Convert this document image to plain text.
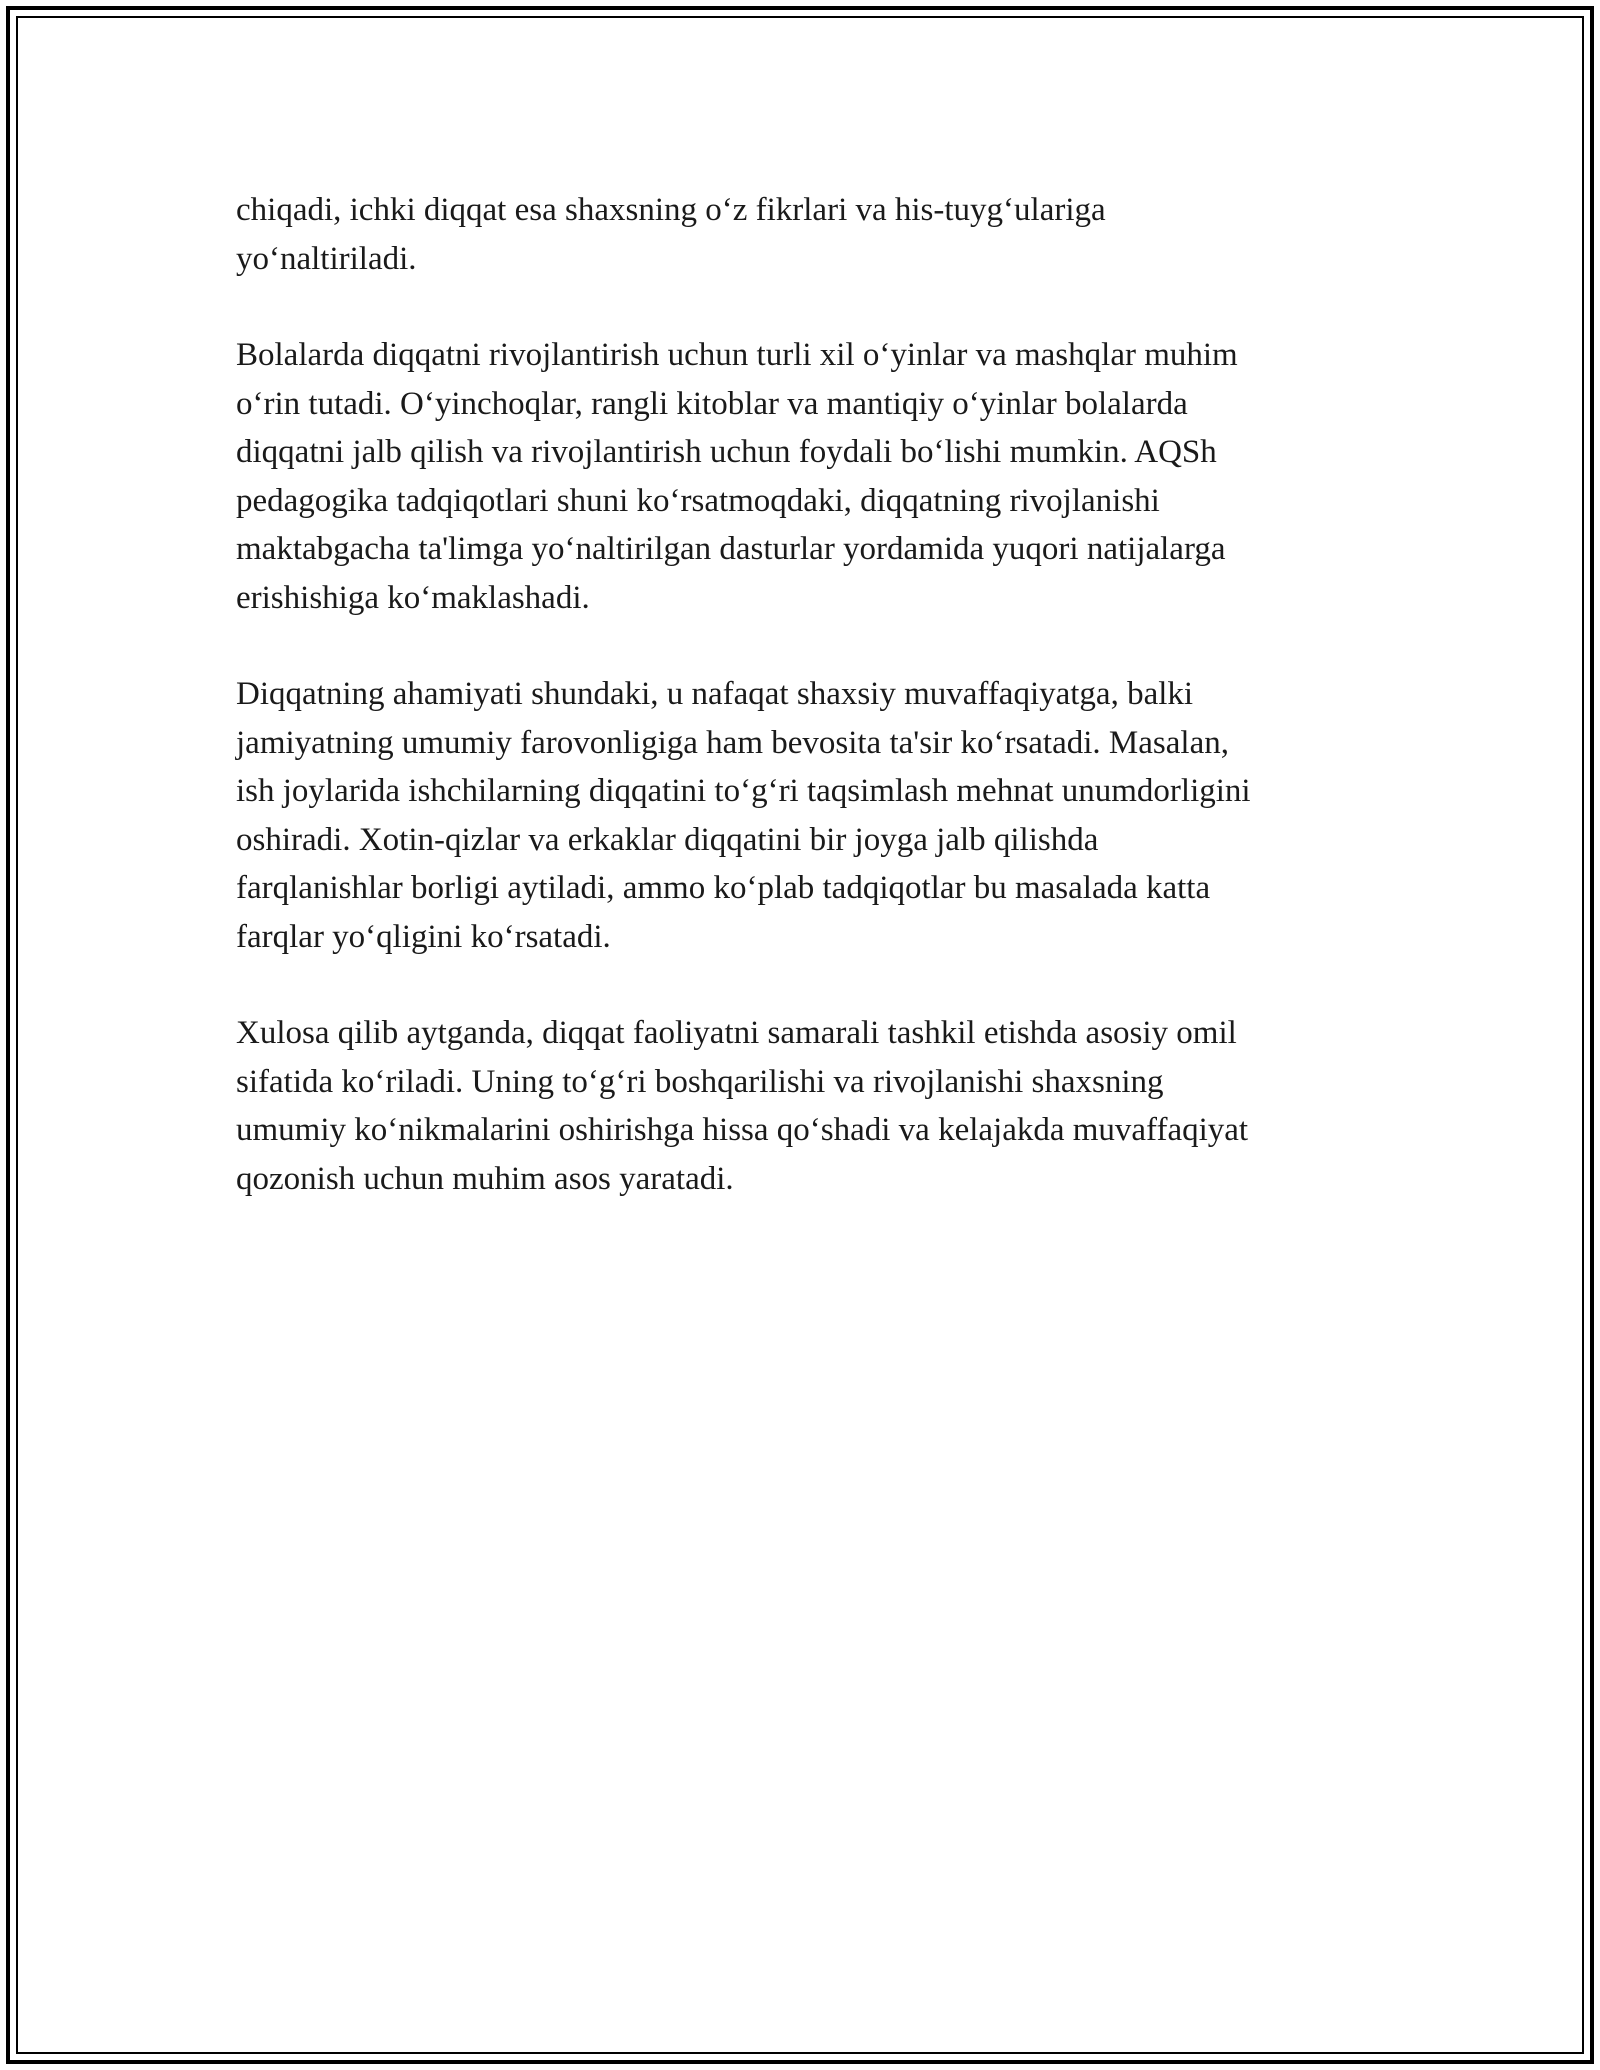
chiqadi, ichki diqqat esa shaxsning o‘z fikrlari va his-tuyg‘ulariga
yo‘naltiriladi.

Bolalarda diqqatni rivojlantirish uchun turli xil o‘yinlar va mashqlar muhim
o‘rin tutadi. O‘yinchoqlar, rangli kitoblar va mantiqiy o‘yinlar bolalarda
diqqatni jalb qilish va rivojlantirish uchun foydali bo‘lishi mumkin. AQSh
pedagogika tadqiqotlari shuni ko‘rsatmoqdaki, diqqatning rivojlanishi
maktabgacha ta'limga yo‘naltirilgan dasturlar yordamida yuqori natijalarga
erishishiga ko‘maklashadi.

Diqqatning ahamiyati shundaki, u nafaqat shaxsiy muvaffaqiyatga, balki
jamiyatning umumiy farovonligiga ham bevosita ta'sir ko‘rsatadi. Masalan,
ish joylarida ishchilarning diqqatini to‘g‘ri taqsimlash mehnat unumdorligini
oshiradi. Xotin-qizlar va erkaklar diqqatini bir joyga jalb qilishda
farqlanishlar borligi aytiladi, ammo ko‘plab tadqiqotlar bu masalada katta
farqlar yo‘qligini ko‘rsatadi.

Xulosa qilib aytganda, diqqat faoliyatni samarali tashkil etishda asosiy omil
sifatida ko‘riladi. Uning to‘g‘ri boshqarilishi va rivojlanishi shaxsning
umumiy ko‘nikmalarini oshirishga hissa qo‘shadi va kelajakda muvaffaqiyat
qozonish uchun muhim asos yaratadi.
